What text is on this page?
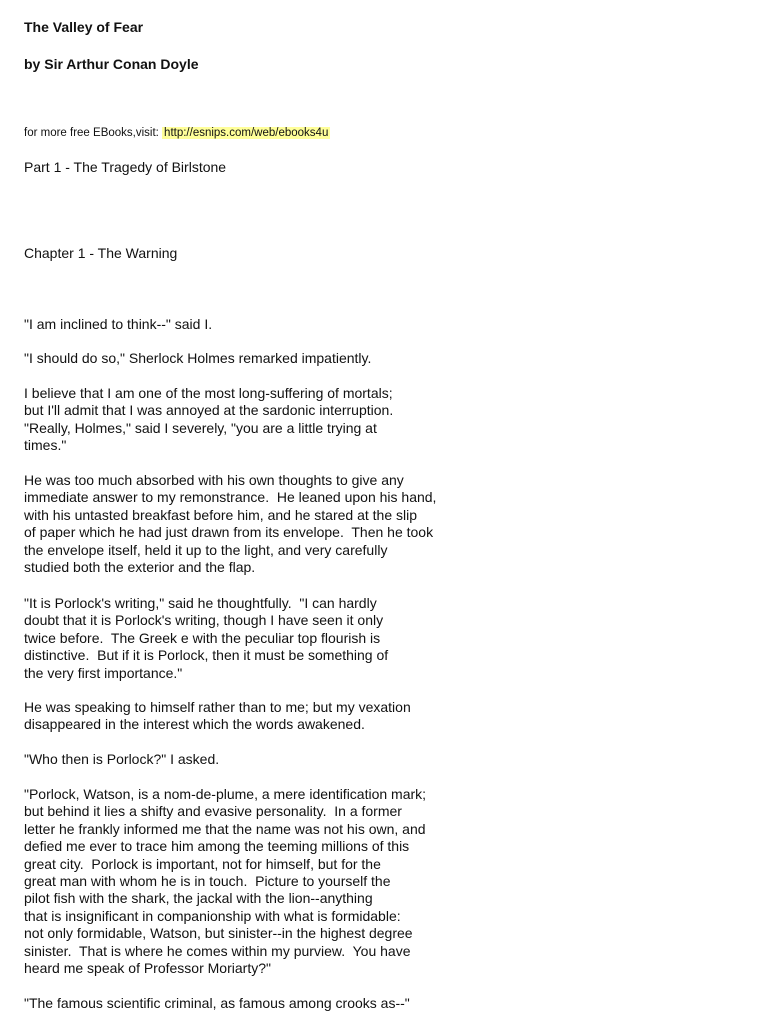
The Valley of Fear
by Sir Arthur Conan Doyle
for more free EBooks,visit: http://esnips.com/web/ebooks4u
Part 1 - The Tragedy of Birlstone
Chapter 1 - The Warning

"I am inclined to think--" said I.

"I should do so," Sherlock Holmes remarked impatiently.

I believe that I am one of the most long-suffering of mortals;
but I'll admit that I was annoyed at the sardonic interruption.
"Really, Holmes," said I severely, "you are a little trying at
times."

He was too much absorbed with his own thoughts to give any
immediate answer to my remonstrance.  He leaned upon his hand,
with his untasted breakfast before him, and he stared at the slip
of paper which he had just drawn from its envelope.  Then he took
the envelope itself, held it up to the light, and very carefully
studied both the exterior and the flap.

"It is Porlock's writing," said he thoughtfully.  "I can hardly
doubt that it is Porlock's writing, though I have seen it only
twice before.  The Greek e with the peculiar top flourish is
distinctive.  But if it is Porlock, then it must be something of
the very first importance."

He was speaking to himself rather than to me; but my vexation
disappeared in the interest which the words awakened.

"Who then is Porlock?" I asked.

"Porlock, Watson, is a nom-de-plume, a mere identification mark;
but behind it lies a shifty and evasive personality.  In a former
letter he frankly informed me that the name was not his own, and
defied me ever to trace him among the teeming millions of this
great city.  Porlock is important, not for himself, but for the
great man with whom he is in touch.  Picture to yourself the
pilot fish with the shark, the jackal with the lion--anything
that is insignificant in companionship with what is formidable:
not only formidable, Watson, but sinister--in the highest degree
sinister.  That is where he comes within my purview.  You have
heard me speak of Professor Moriarty?"

"The famous scientific criminal, as famous among crooks as--"
